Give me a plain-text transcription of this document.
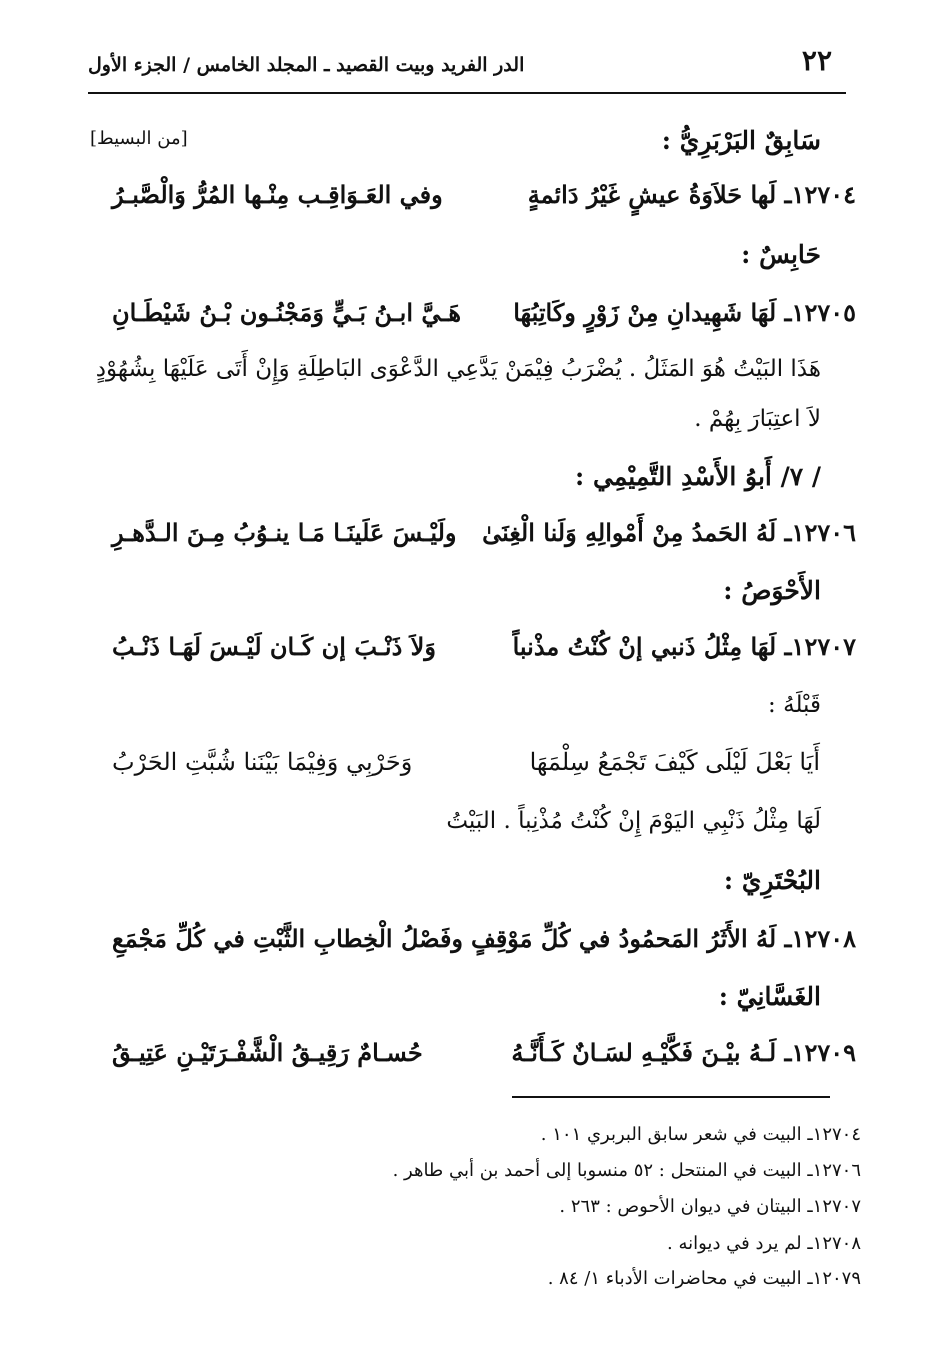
٢٢
الدر الفريد وبيت القصيد ـ المجلد الخامس / الجزء الأول
[من البسيط]	سَابِقٌ البَرْبَرِيُّ :
١٢٧٠٤ـ لَها حَلاَوَةُ عيشٍ غَيْرُ دَائمةٍ
وفي العَـوَاقِـب مِنْـها المُرُّ وَالْصَّبـرُ
حَابِسٌ :
١٢٧٠٥ـ لَهَا شَهِيدانِ مِنْ زَوْرٍ وكَاتِبُهَا
هَـيَّ ابـنُ بَـيٍّ وَمَجْنُـون بْـنُ شَيْطَـانِ
هَذَا البَيْتُ هُوَ المَثَلُ . يُضْرَبُ فِيْمَنْ يَدَّعِي الدَّعْوَى البَاطِلَةِ وَإِنْ أَتَى عَلَيْهَا بِشُهُوْدٍ
لاَ اعتِبَارَ بِهُمْ .
/ ٧/ أَبوُ الأَسْدِ التَّمِيْمِي :
١٢٧٠٦ـ لَهُ الحَمدُ مِنْ أَمْوالِهِ وَلَنا الْغِنَىٰ
ولَيْـسَ عَلَينَـا مَـا ينـوُبُ مِـنَ الـدَّهـرِ
الأَحْوَصُ :
١٢٧٠٧ـ لَهَا مِثْلُ ذَنبي إنْ كُنْتُ مذْنباً
وَلاَ ذَنْـبَ إن كَـان لَيْـسَ لَهَـا ذَنْـبُ
قَبْلَهُ :
أَيَا بَعْلَ لَيْلَى كَيْفَ تَجْمَعُ سِلْمَهَا
وَحَرْبِي وَفِيْمَا بَيْنَنا شُبَّتِ الحَرْبُ
لَهَا مِثْلُ ذَنْبِي اليَوْمَ إِنْ كُنْتُ مُذْنِباً . البَيْتُ
البُحْتَرِيّ :
١٢٧٠٨ـ لَهُ الأَثَرُ المَحمُودُ في كُلِّ مَوْقِفٍ
وفَصْلُ الْخِطابِ الثَّبْتِ في كُلِّ مَجْمَعِ
الغَسَّانِيّ :
١٢٧٠٩ـ لَـهُ بيْـنَ فَكَّيْـهِ لسَـانٌ كَـأَنَّـهُ
حُسـامٌ رَقِيـقُ الْشَّفْـرَتَيْـنِ عَتِيـقُ
١٢٧٠٤ـ البيت في شعر سابق البربري ١٠١ .
١٢٧٠٦ـ البيت في المنتحل : ٥٢ منسوبا إلى أحمد بن أبي طاهر .
١٢٧٠٧ـ البيتان في ديوان الأحوص : ٢٦٣ .
١٢٧٠٨ـ لم يرد في ديوانه .
١٢٠٧٩ـ البيت في محاضرات الأدباء ١/ ٨٤ .
